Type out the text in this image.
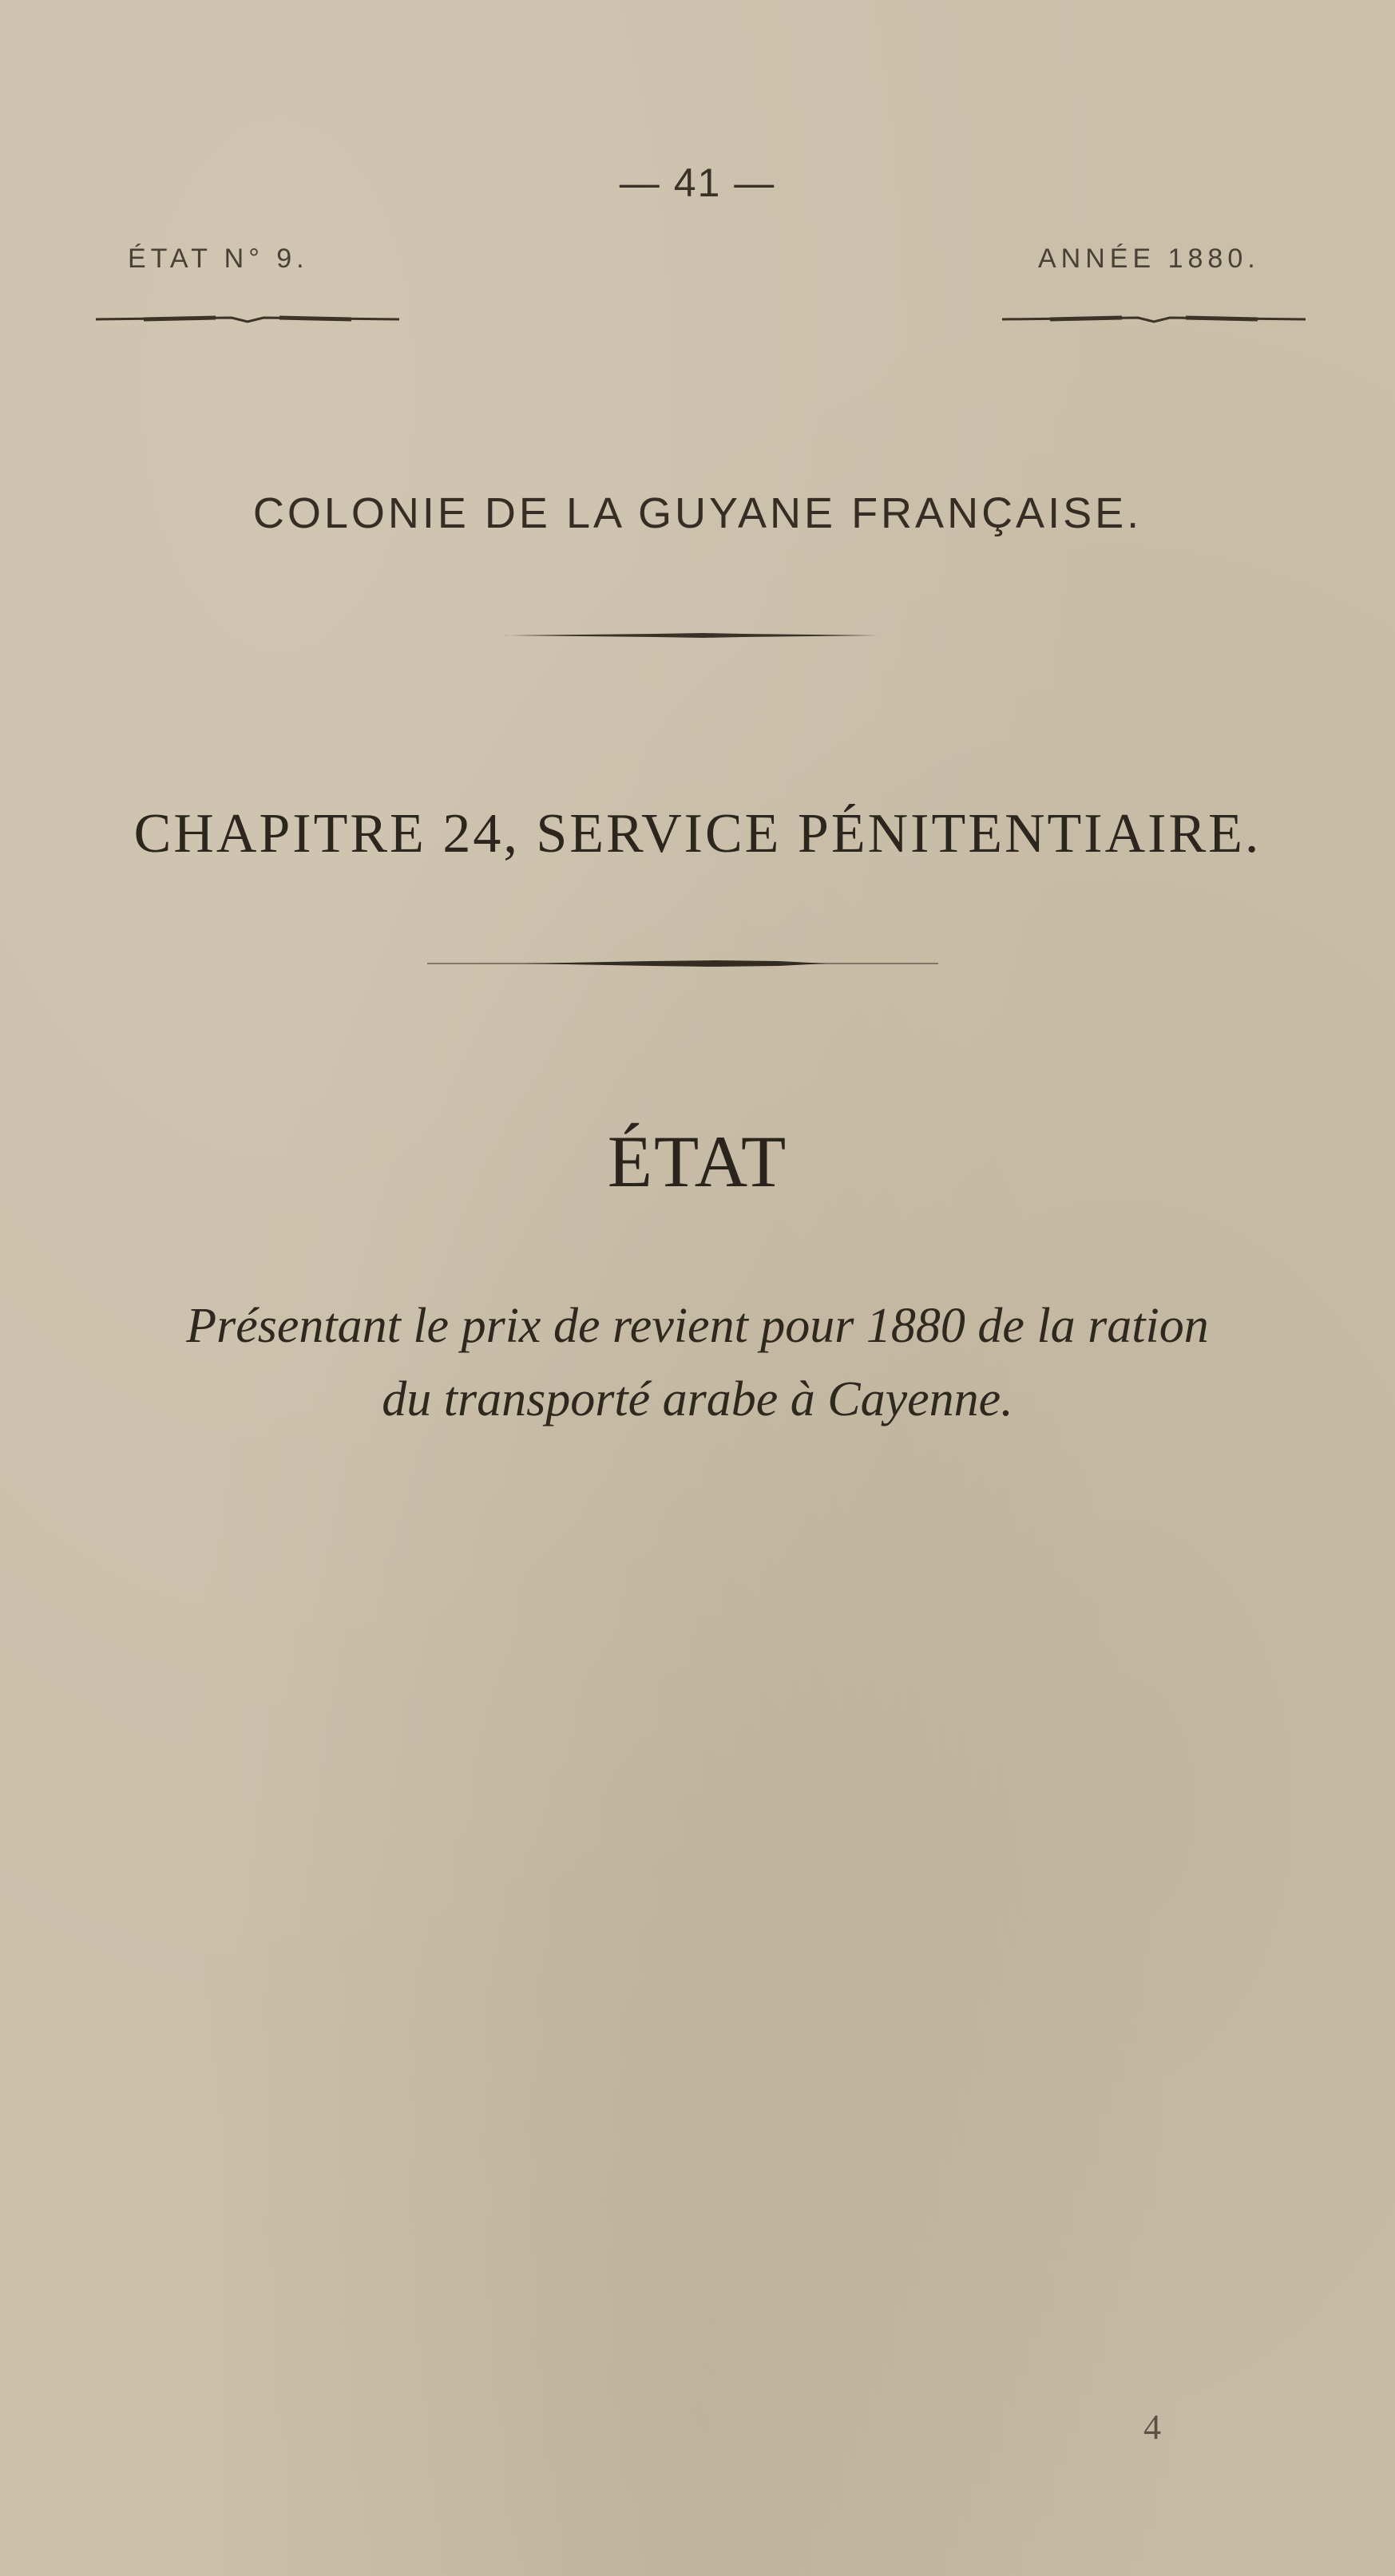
— 41 —
ÉTAT N° 9.	ANNÉE 1880.
COLONIE DE LA GUYANE FRANÇAISE.
CHAPITRE 24, SERVICE PÉNITENTIAIRE.
ÉTAT
Présentant le prix de revient pour 1880 de la ration
du transporté arabe à Cayenne.
4
